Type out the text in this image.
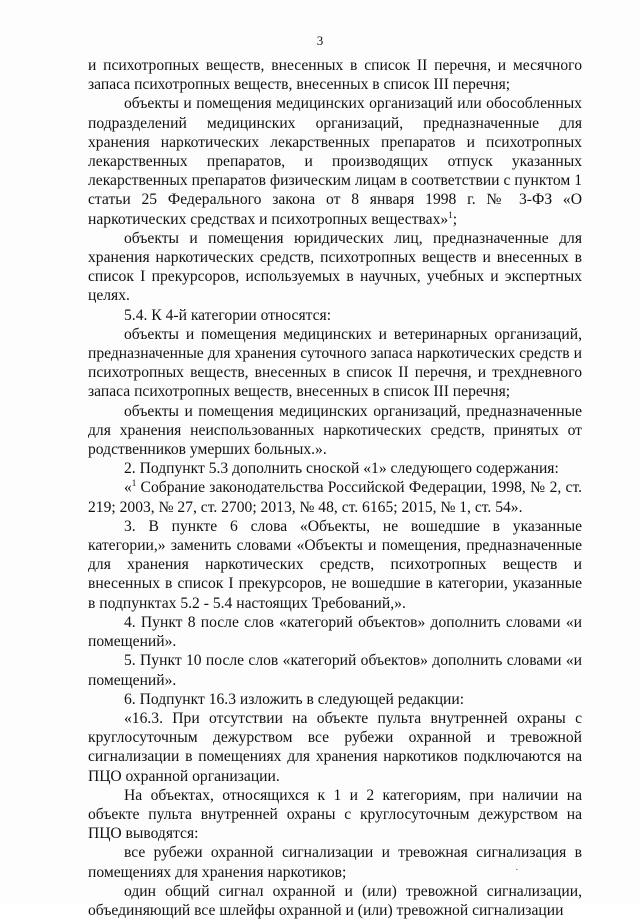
3

и психотропных веществ, внесенных в список II перечня, и месячного запаса психотропных веществ, внесенных в список III перечня;

объекты и помещения медицинских организаций или обособленных подразделений медицинских организаций, предназначенные для хранения наркотических лекарственных препаратов и психотропных лекарственных препаратов, и производящих отпуск указанных лекарственных препаратов физическим лицам в соответствии с пунктом 1 статьи 25 Федерального закона от 8 января 1998 г. № 3-ФЗ «О наркотических средствах и психотропных веществах»$^1$;

объекты и помещения юридических лиц, предназначенные для хранения наркотических средств, психотропных веществ и внесенных в список I прекурсоров, используемых в научных, учебных и экспертных целях.

5.4. К 4-й категории относятся:

объекты и помещения медицинских и ветеринарных организаций, предназначенные для хранения суточного запаса наркотических средств и психотропных веществ, внесенных в список II перечня, и трехдневного запаса психотропных веществ, внесенных в список III перечня;

объекты и помещения медицинских организаций, предназначенные для хранения неиспользованных наркотических средств, принятых от родственников умерших больных.».

2. Подпункт 5.3 дополнить сноской «1» следующего содержания:

«$^1$ Собрание законодательства Российской Федерации, 1998, № 2, ст. 219; 2003, № 27, ст. 2700; 2013, № 48, ст. 6165; 2015, № 1, ст. 54».

3. В пункте 6 слова «Объекты, не вошедшие в указанные категории,» заменить словами «Объекты и помещения, предназначенные для хранения наркотических средств, психотропных веществ и внесенных в список I прекурсоров, не вошедшие в категории, указанные в подпунктах 5.2 - 5.4 настоящих Требований,».

4. Пункт 8 после слов «категорий объектов» дополнить словами «и помещений».

5. Пункт 10 после слов «категорий объектов» дополнить словами «и помещений».

6. Подпункт 16.3 изложить в следующей редакции:

«16.3. При отсутствии на объекте пульта внутренней охраны с круглосуточным дежурством все рубежи охранной и тревожной сигнализации в помещениях для хранения наркотиков подключаются на ПЦО охранной организации.

На объектах, относящихся к 1 и 2 категориям, при наличии на объекте пульта внутренней охраны с круглосуточным дежурством на ПЦО выводятся:

все рубежи охранной сигнализации и тревожная сигнализация в помещениях для хранения наркотиков;

один общий сигнал охранной и (или) тревожной сигнализации, объединяющий все шлейфы охранной и (или) тревожной сигнализации

·
